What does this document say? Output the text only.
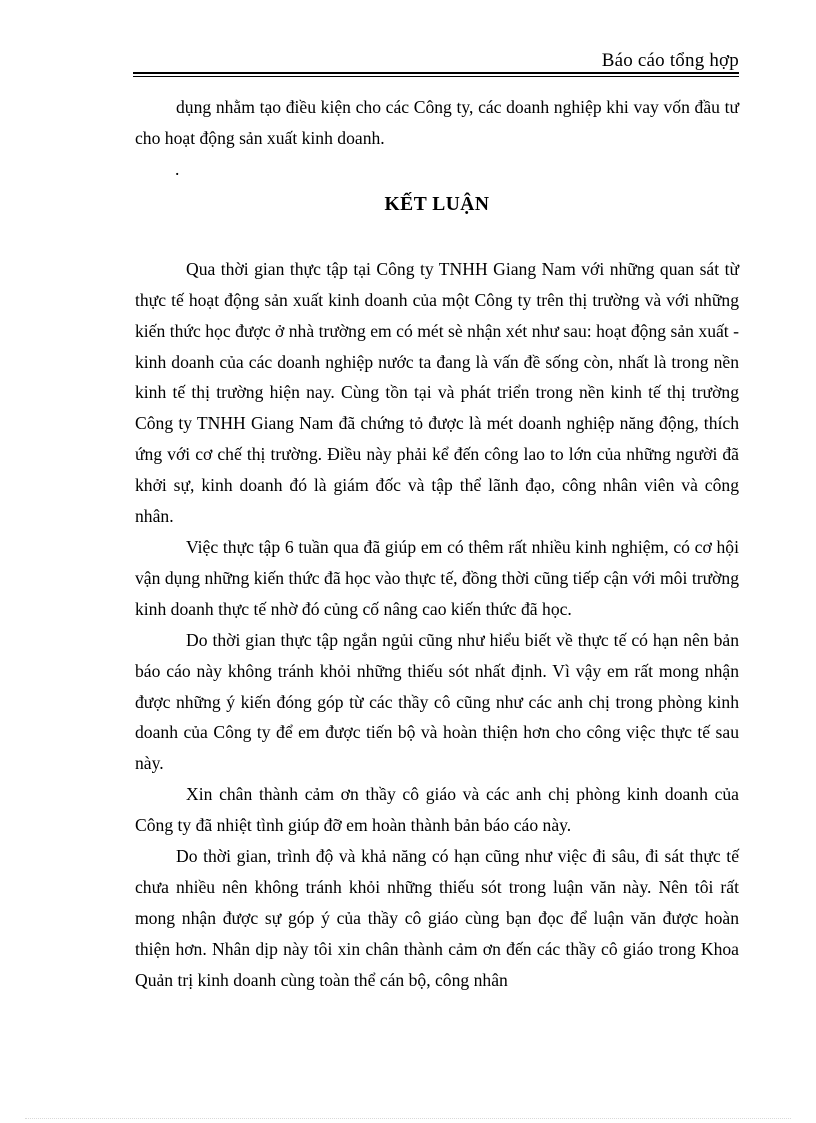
Báo cáo tổng hợp

dụng nhằm tạo điều kiện cho các Công ty, các doanh nghiệp khi vay vốn đầu tư cho hoạt động sản xuất kinh doanh.

.

KẾT LUẬN

Qua thời gian thực tập tại Công ty TNHH Giang Nam với những quan sát từ thực tế hoạt động sản xuất kinh doanh của một Công ty trên thị trường và với những kiến thức học được ở nhà trường em có mét sè nhận xét như sau: hoạt động sản xuất - kinh doanh của các doanh nghiệp nước ta đang là vấn đề sống còn, nhất là trong nền kinh tế thị trường hiện nay. Cùng tồn tại và phát triển trong nền kinh tế thị trường Công ty TNHH Giang Nam đã chứng tỏ được là mét doanh nghiệp năng động, thích ứng với cơ chế thị trường. Điều này phải kể đến công lao to lớn của những người đã khởi sự, kinh doanh đó là giám đốc và tập thể lãnh đạo, công nhân viên và công nhân.

Việc thực tập 6 tuần qua đã giúp em có thêm rất nhiều kinh nghiệm, có cơ hội vận dụng những kiến thức đã học vào thực tế, đồng thời cũng tiếp cận với môi trường kinh doanh thực tế nhờ đó củng cố nâng cao kiến thức đã học.

Do thời gian thực tập ngắn ngủi cũng như hiểu biết về thực tế có hạn nên bản báo cáo này không tránh khỏi những thiếu sót nhất định. Vì vậy em rất mong nhận được những ý kiến đóng góp từ các thầy cô cũng như các anh chị trong phòng kinh doanh của Công ty để em được tiến bộ và hoàn thiện hơn cho công việc thực tế sau này.

Xin chân thành cảm ơn thầy cô giáo và các anh chị phòng kinh doanh của Công ty đã nhiệt tình giúp đỡ em hoàn thành bản báo cáo này.

Do thời gian, trình độ và khả năng có hạn cũng như việc đi sâu, đi sát thực tế chưa nhiều nên không tránh khỏi những thiếu sót trong luận văn này. Nên tôi rất mong nhận được sự góp ý của thầy cô giáo cùng bạn đọc để luận văn được hoàn thiện hơn. Nhân dịp này tôi xin chân thành cảm ơn đến các thầy cô giáo trong Khoa Quản trị kinh doanh cùng toàn thể cán bộ, công nhân
